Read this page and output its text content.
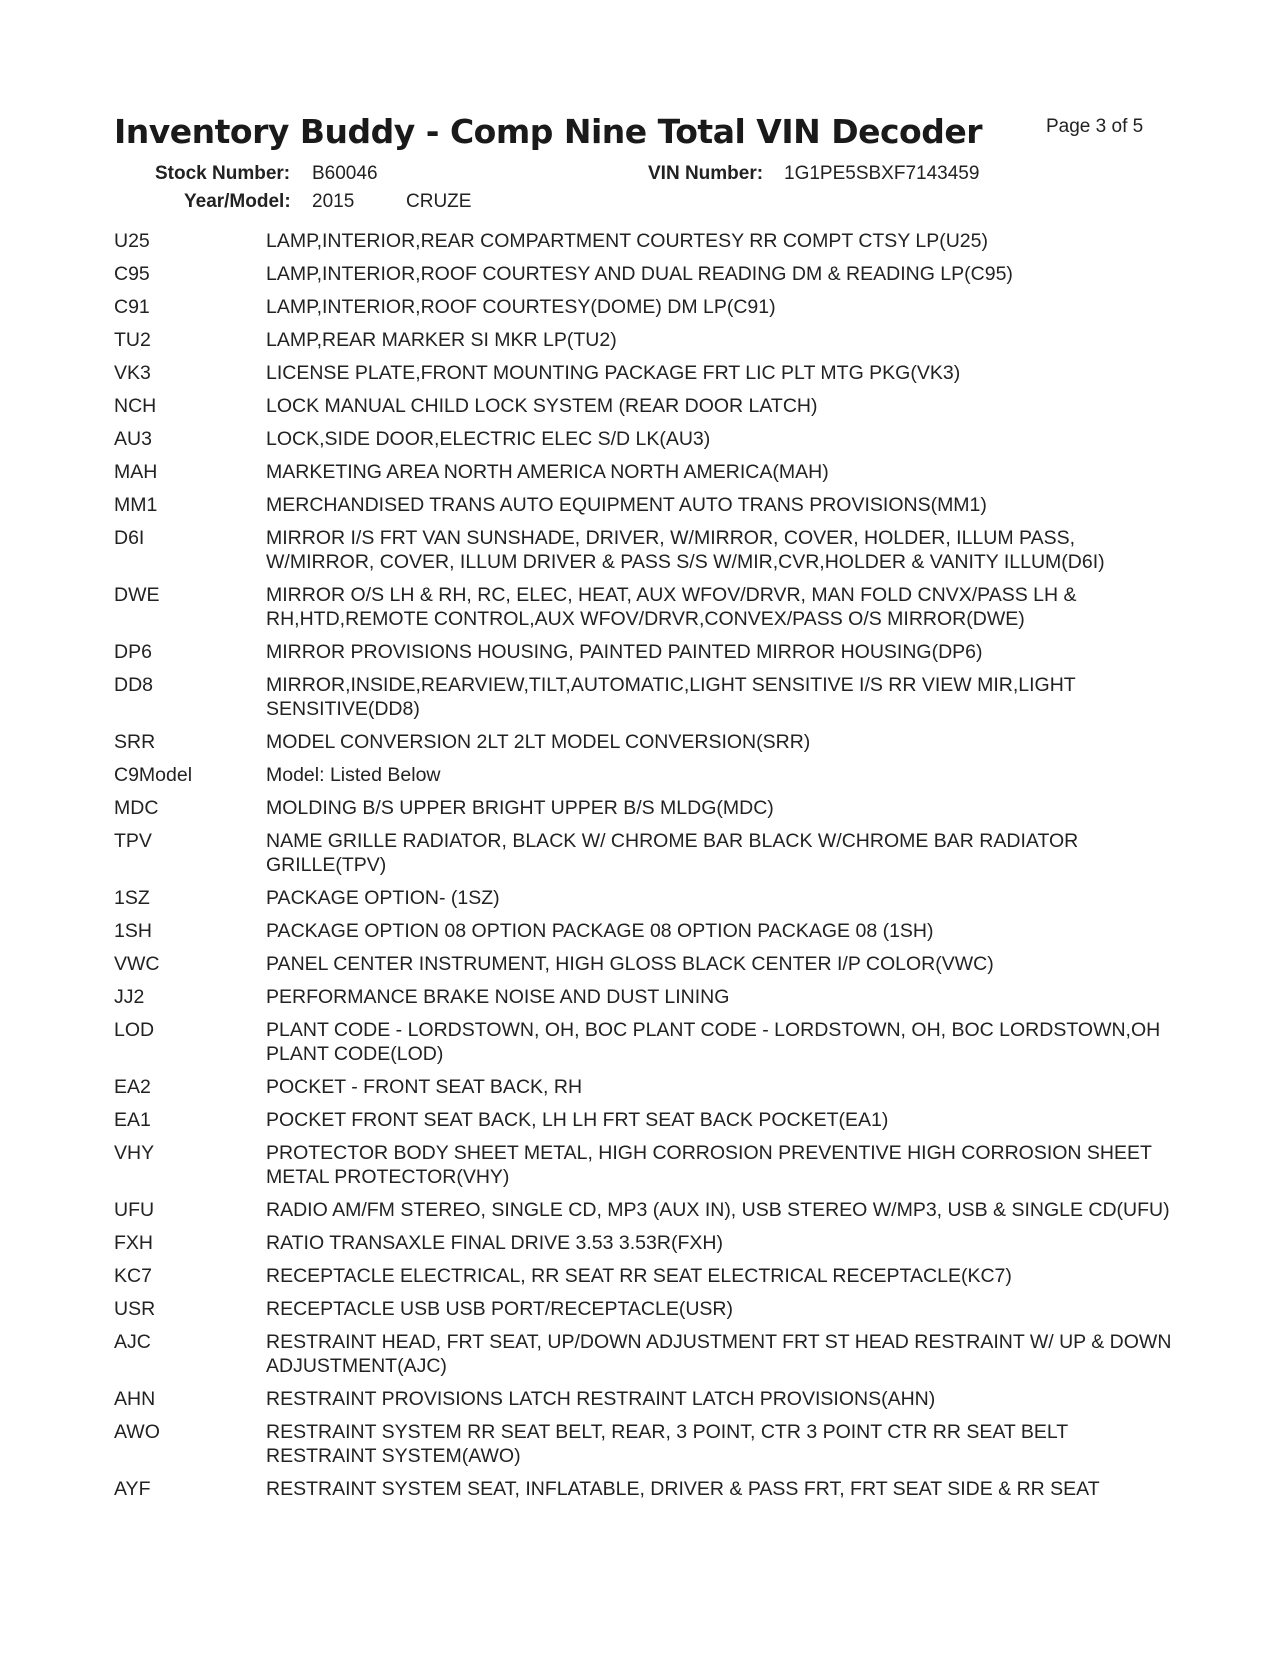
Inventory Buddy - Comp Nine Total VIN Decoder	Page 3 of 5
Stock Number: B60046	VIN Number: 1G1PE5SBXF7143459
Year/Model: 2015	CRUZE
U25	LAMP,INTERIOR,REAR COMPARTMENT COURTESY RR COMPT CTSY LP(U25)
C95	LAMP,INTERIOR,ROOF COURTESY AND DUAL READING DM & READING LP(C95)
C91	LAMP,INTERIOR,ROOF COURTESY(DOME) DM LP(C91)
TU2	LAMP,REAR MARKER SI MKR LP(TU2)
VK3	LICENSE PLATE,FRONT MOUNTING PACKAGE FRT LIC PLT MTG PKG(VK3)
NCH	LOCK MANUAL CHILD LOCK SYSTEM (REAR DOOR LATCH)
AU3	LOCK,SIDE DOOR,ELECTRIC ELEC S/D LK(AU3)
MAH	MARKETING AREA NORTH AMERICA NORTH AMERICA(MAH)
MM1	MERCHANDISED TRANS AUTO EQUIPMENT AUTO TRANS PROVISIONS(MM1)
D6I	MIRROR I/S FRT VAN SUNSHADE, DRIVER, W/MIRROR, COVER, HOLDER, ILLUM PASS, W/MIRROR, COVER, ILLUM DRIVER & PASS S/S W/MIR,CVR,HOLDER & VANITY ILLUM(D6I)
DWE	MIRROR O/S LH & RH, RC, ELEC, HEAT, AUX WFOV/DRVR, MAN FOLD CNVX/PASS LH & RH,HTD,REMOTE CONTROL,AUX WFOV/DRVR,CONVEX/PASS O/S MIRROR(DWE)
DP6	MIRROR PROVISIONS HOUSING, PAINTED PAINTED MIRROR HOUSING(DP6)
DD8	MIRROR,INSIDE,REARVIEW,TILT,AUTOMATIC,LIGHT SENSITIVE I/S RR VIEW MIR,LIGHT SENSITIVE(DD8)
SRR	MODEL CONVERSION 2LT 2LT MODEL CONVERSION(SRR)
C9Model	Model: Listed Below
MDC	MOLDING B/S UPPER BRIGHT UPPER B/S MLDG(MDC)
TPV	NAME GRILLE RADIATOR, BLACK W/ CHROME BAR BLACK W/CHROME BAR RADIATOR GRILLE(TPV)
1SZ	PACKAGE OPTION- (1SZ)
1SH	PACKAGE OPTION 08 OPTION PACKAGE 08 OPTION PACKAGE 08 (1SH)
VWC	PANEL CENTER INSTRUMENT, HIGH GLOSS BLACK CENTER I/P COLOR(VWC)
JJ2	PERFORMANCE BRAKE NOISE AND DUST LINING
LOD	PLANT CODE - LORDSTOWN, OH, BOC PLANT CODE - LORDSTOWN, OH, BOC LORDSTOWN,OH PLANT CODE(LOD)
EA2	POCKET - FRONT SEAT BACK, RH
EA1	POCKET FRONT SEAT BACK, LH LH FRT SEAT BACK POCKET(EA1)
VHY	PROTECTOR BODY SHEET METAL, HIGH CORROSION PREVENTIVE HIGH CORROSION SHEET METAL PROTECTOR(VHY)
UFU	RADIO AM/FM STEREO, SINGLE CD, MP3 (AUX IN), USB STEREO W/MP3, USB & SINGLE CD(UFU)
FXH	RATIO TRANSAXLE FINAL DRIVE 3.53 3.53R(FXH)
KC7	RECEPTACLE ELECTRICAL, RR SEAT RR SEAT ELECTRICAL RECEPTACLE(KC7)
USR	RECEPTACLE USB USB PORT/RECEPTACLE(USR)
AJC	RESTRAINT HEAD, FRT SEAT, UP/DOWN ADJUSTMENT FRT ST HEAD RESTRAINT W/ UP & DOWN ADJUSTMENT(AJC)
AHN	RESTRAINT PROVISIONS LATCH RESTRAINT LATCH PROVISIONS(AHN)
AWO	RESTRAINT SYSTEM RR SEAT BELT, REAR, 3 POINT, CTR 3 POINT CTR RR SEAT BELT RESTRAINT SYSTEM(AWO)
AYF	RESTRAINT SYSTEM SEAT, INFLATABLE, DRIVER & PASS FRT, FRT SEAT SIDE & RR SEAT
